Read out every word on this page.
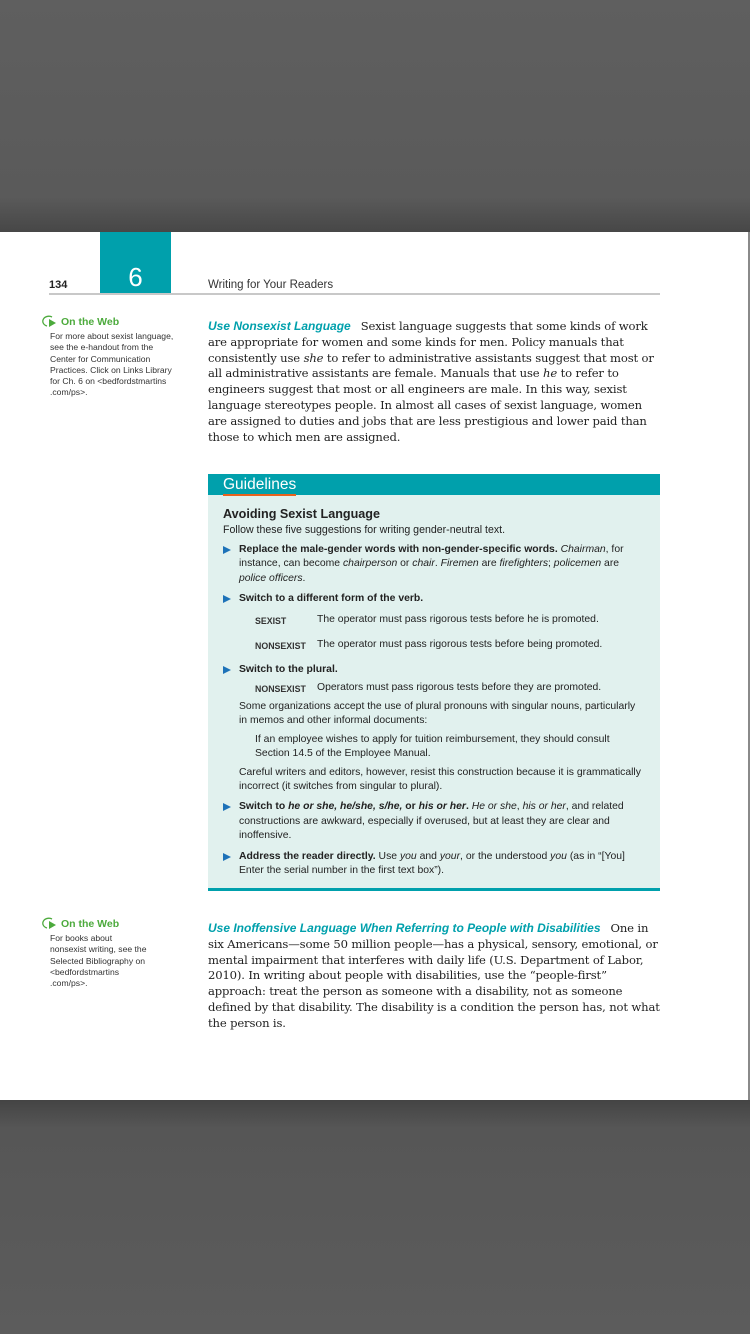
134	6	Writing for Your Readers
On the Web
For more about sexist language,
see the e-handout from the
Center for Communication
Practices. Click on Links Library
for Ch. 6 on <bedfordstmartins
.com/ps>.
Use Nonsexist Language Sexist language suggests that some kinds of work are appropriate for women and some kinds for men. Policy manuals that consistently use she to refer to administrative assistants suggest that most or all administrative assistants are female. Manuals that use he to refer to engineers suggest that most or all engineers are male. In this way, sexist language stereotypes people. In almost all cases of sexist language, women are assigned to duties and jobs that are less prestigious and lower paid than those to which men are assigned.
Guidelines
Avoiding Sexist Language
Follow these five suggestions for writing gender-neutral text.
Replace the male-gender words with non-gender-specific words. Chairman, for instance, can become chairperson or chair. Firemen are firefighters; policemen are police officers.
Switch to a different form of the verb.
SEXIST	The operator must pass rigorous tests before he is promoted.
NONSEXIST	The operator must pass rigorous tests before being promoted.
Switch to the plural.
NONSEXIST	Operators must pass rigorous tests before they are promoted.
Some organizations accept the use of plural pronouns with singular nouns, particularly in memos and other informal documents:
If an employee wishes to apply for tuition reimbursement, they should consult Section 14.5 of the Employee Manual.
Careful writers and editors, however, resist this construction because it is grammatically incorrect (it switches from singular to plural).
Switch to he or she, he/she, s/he, or his or her. He or she, his or her, and related constructions are awkward, especially if overused, but at least they are clear and inoffensive.
Address the reader directly. Use you and your, or the understood you (as in “[You] Enter the serial number in the first text box”).
On the Web
For books about
nonsexist writing, see the
Selected Bibliography on
<bedfordstmartins
.com/ps>.
Use Inoffensive Language When Referring to People with Disabilities One in six Americans—some 50 million people—has a physical, sensory, emotional, or mental impairment that interferes with daily life (U.S. Department of Labor, 2010). In writing about people with disabilities, use the “people-first” approach: treat the person as someone with a disability, not as someone defined by that disability. The disability is a condition the person has, not what the person is.
